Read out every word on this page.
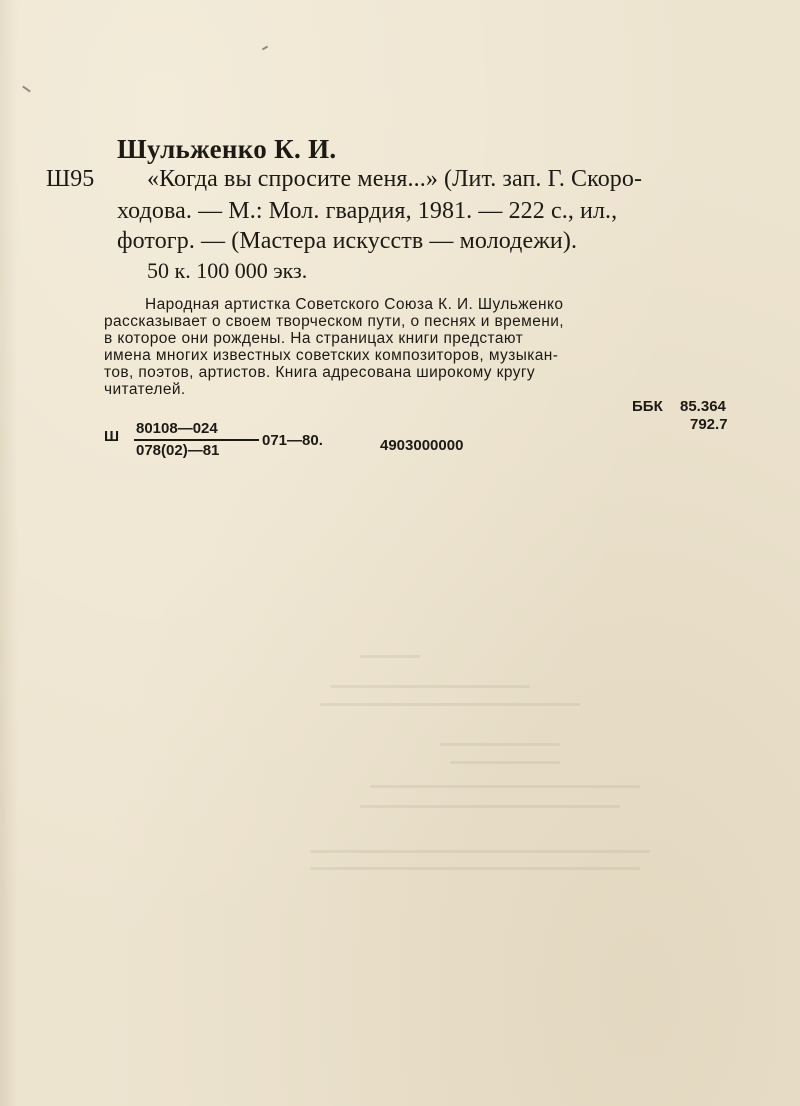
Шульженко К. И.
Ш95 «Когда вы спросите меня...» (Лит. зап. Г. Скоро-
ходова. — М.: Мол. гвардия, 1981. — 222 с., ил.,
фотогр. — (Мастера искусств — молодежи).
50 к. 100 000 экз.
Народная артистка Советского Союза К. И. Шульженко
рассказывает о своем творческом пути, о песнях и времени,
в которое они рождены. На страницах книги предстают
имена многих известных советских композиторов, музыкан-
тов, поэтов, артистов. Книга адресована широкому кругу
читателей.
ББК 85.364
792.7
Ш 80108—024
078(02)—81
071—80.	4903000000
